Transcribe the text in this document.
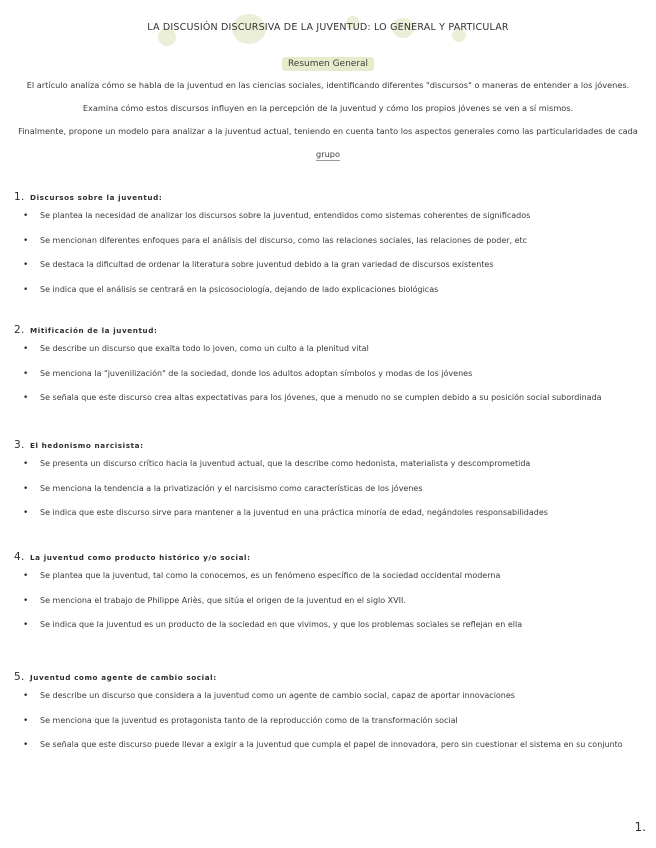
LA DISCUSIÓN DISCURSIVA DE LA JUVENTUD: LO GENERAL Y PARTICULAR
Resumen General

El artículo analiza cómo se habla de la juventud en las ciencias sociales, identificando diferentes "discursos" o maneras de entender a los jóvenes.

Examina cómo estos discursos influyen en la percepción de la juventud y cómo los propios jóvenes se ven a sí mismos.

Finalmente, propone un modelo para analizar a la juventud actual, teniendo en cuenta tanto los aspectos generales como las particularidades de cada

grupo

1. Discursos sobre la juventud:
• Se plantea la necesidad de analizar los discursos sobre la juventud, entendidos como sistemas coherentes de significados
• Se mencionan diferentes enfoques para el análisis del discurso, como las relaciones sociales, las relaciones de poder, etc
• Se destaca la dificultad de ordenar la literatura sobre juventud debido a la gran variedad de discursos existentes
• Se indica que el análisis se centrará en la psicosociología, dejando de lado explicaciones biológicas
2. Mitificación de la juventud:
• Se describe un discurso que exalta todo lo joven, como un culto a la plenitud vital
• Se menciona la "juvenilización" de la sociedad, donde los adultos adoptan símbolos y modas de los jóvenes
• Se señala que este discurso crea altas expectativas para los jóvenes, que a menudo no se cumplen debido a su posición social subordinada
3. El hedonismo narcisista:
• Se presenta un discurso crítico hacia la juventud actual, que la describe como hedonista, materialista y descomprometida
• Se menciona la tendencia a la privatización y el narcisismo como características de los jóvenes
• Se indica que este discurso sirve para mantener a la juventud en una práctica minoría de edad, negándoles responsabilidades
4. La juventud como producto histórico y/o social:
• Se plantea que la juventud, tal como la conocemos, es un fenómeno específico de la sociedad occidental moderna
• Se menciona el trabajo de Philippe Ariès, que sitúa el origen de la juventud en el siglo XVII.
• Se indica que la juventud es un producto de la sociedad en que vivimos, y que los problemas sociales se reflejan en ella
5. Juventud como agente de cambio social:
• Se describe un discurso que considera a la juventud como un agente de cambio social, capaz de aportar innovaciones
• Se menciona que la juventud es protagonista tanto de la reproducción como de la transformación social
• Se señala que este discurso puede llevar a exigir a la juventud que cumpla el papel de innovadora, pero sin cuestionar el sistema en su conjunto
1.
